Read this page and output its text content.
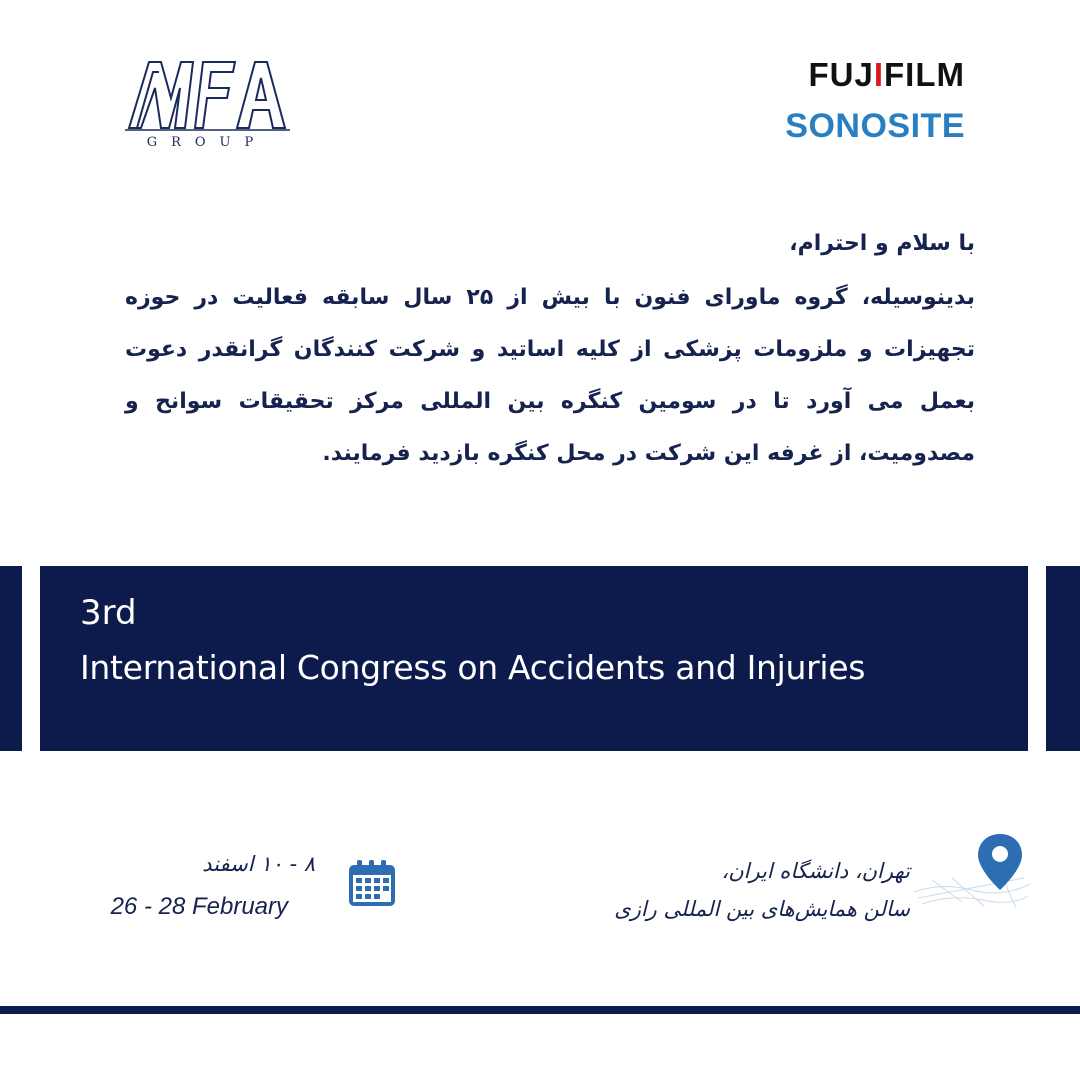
GROUP
FUJIFILM
SONOSITE
با سلام و احترام،
بدینوسیله، گروه ماورای فنون با بیش از ۲۵ سال سابقه فعالیت در حوزه تجهیزات و ملزومات پزشکی از کلیه اساتید و شرکت کنندگان گرانقدر دعوت بعمل می آورد تا در سومین کنگره بین المللی مرکز تحقیقات سوانح و مصدومیت، از غرفه این شرکت در محل کنگره بازدید فرمایند.
3rd
International Congress on Accidents and Injuries
۸ - ۱۰ اسفند
26 - 28 February
تهران، دانشگاه ایران،
سالن همایش‌های بین المللی رازی
